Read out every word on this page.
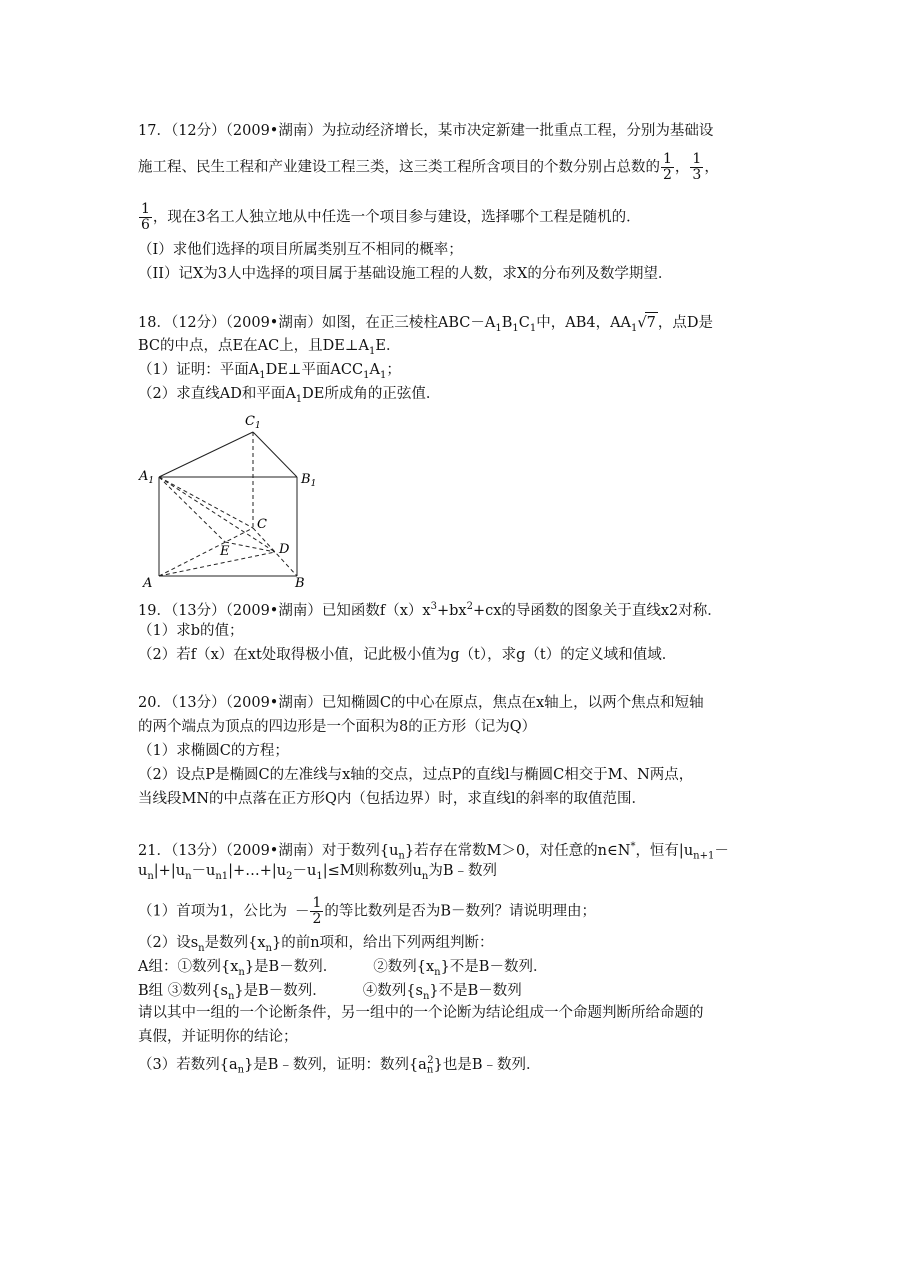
17．（12分）（2009•湖南）为拉动经济增长，某市决定新建一批重点工程，分别为基础设
施工程、民生工程和产业建设工程三类，这三类工程所含项目的个数分别占总数的 $\frac{1}{2}$ ， $\frac{1}{3}$ ，
$\frac{1}{6}$ ，现在3名工人独立地从中任选一个项目参与建设，选择哪个工程是随机的．
（I）求他们选择的项目所属类别互不相同的概率；
（II）记X为3人中选择的项目属于基础设施工程的人数，求X的分布列及数学期望．
18．（12分）（2009•湖南）如图，在正三棱柱$ABC-A_1B_1C_1$中，AB4，$AA_1√7$ ，点D是
BC的中点，点E在AC上，且$DE\perp A_1E$．
（1）证明：平面$A_1DE\perp$平面$ACC_1A_1$；
（2）求直线AD和平面$A_1DE$所成角的正弦值．
$C_1$
$A_1$	$B_1$
C
E	D
A	B
19．（13分）（2009•湖南）已知函数$f(x)x^3+bx^2+cx$的导函数的图象关于直线x2对称．
（1）求b的值；
（2）若f（x）在xt处取得极小值，记此极小值为g（t），求g（t）的定义域和值域．
20．（13分）（2009•湖南）已知椭圆C的中心在原点，焦点在x轴上，以两个焦点和短轴
的两个端点为顶点的四边形是一个面积为8的正方形（记为Q）
（1）求椭圆C的方程；
（2）设点P是椭圆C的左准线与x轴的交点，过点P的直线l与椭圆C相交于M、N两点，
当线段MN的中点落在正方形Q内（包括边界）时，求直线l的斜率的取值范围．
21．（13分）（2009•湖南）对于数列$\{u_n\}$若存在常数M＞0，对任意的n∈N*，恒有$|u_{n+1}-$
$u_n|+|u_n-u_{n1}|+\dots+|u_2-u_1|\le M$则称数列$u_n$为B﹣数列
（1）首项为1，公比为 － $\frac{1}{2}$ 的等比数列是否为B－数列？请说明理由；
（2）设$s_n$是数列$\{x_n\}$的前n项和，给出下列两组判断：
A组：①数列$\{x_n\}$是B－数列． ②数列$\{x_n\}$不是B－数列．
B组 ③数列$\{s_n\}$是B－数列． ④数列$\{s_n\}$不是B－数列
请以其中一组的一个论断条件，另一组中的一个论断为结论组成一个命题判断所给命题的
真假，并证明你的结论；
（3）若数列$\{a_n\}$是B﹣数列，证明：数列$\{a_n^2\}$也是B﹣数列．
